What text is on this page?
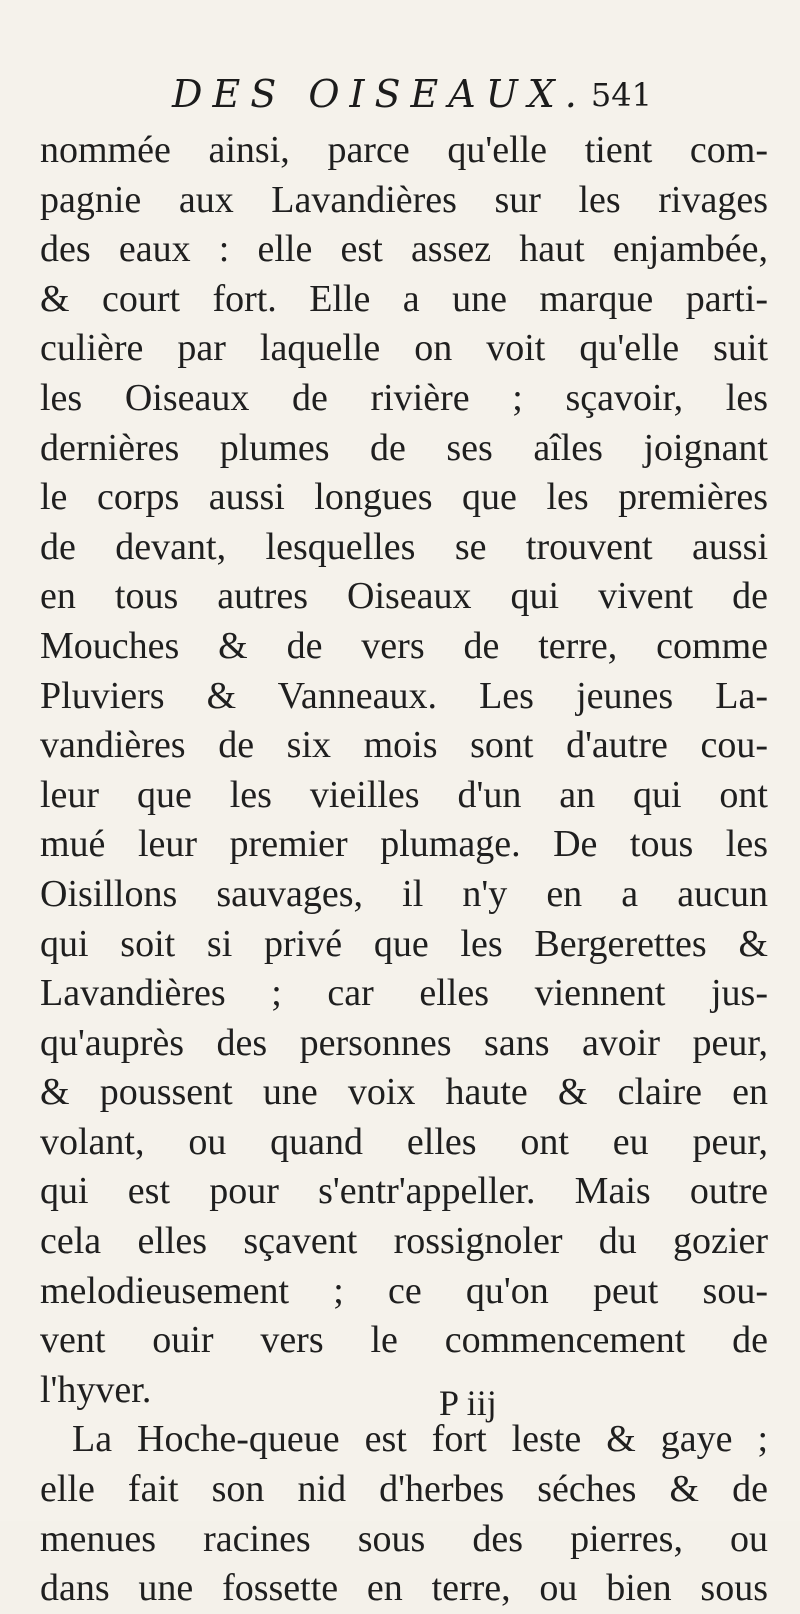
DES OISEAUX. 541
nommée ainsi, parce qu'elle tient com-
pagnie aux Lavandières sur les rivages
des eaux : elle est assez haut enjambée,
& court fort. Elle a une marque parti-
culière par laquelle on voit qu'elle suit
les Oiseaux de rivière ; sçavoir, les
dernières plumes de ses aîles joignant
le corps aussi longues que les premières
de devant, lesquelles se trouvent aussi
en tous autres Oiseaux qui vivent de
Mouches & de vers de terre, comme
Pluviers & Vanneaux. Les jeunes La-
vandières de six mois sont d'autre cou-
leur que les vieilles d'un an qui ont
mué leur premier plumage. De tous les
Oisillons sauvages, il n'y en a aucun
qui soit si privé que les Bergerettes &
Lavandières ; car elles viennent jus-
qu'auprès des personnes sans avoir peur,
& poussent une voix haute & claire en
volant, ou quand elles ont eu peur,
qui est pour s'entr'appeller. Mais outre
cela elles sçavent rossignoler du gozier
melodieusement ; ce qu'on peut sou-
vent ouir vers le commencement de
l'hyver.
La Hoche-queue est fort leste & gaye ;
elle fait son nid d'herbes séches & de
menues racines sous des pierres, ou
dans une fossette en terre, ou bien sous
P iij
